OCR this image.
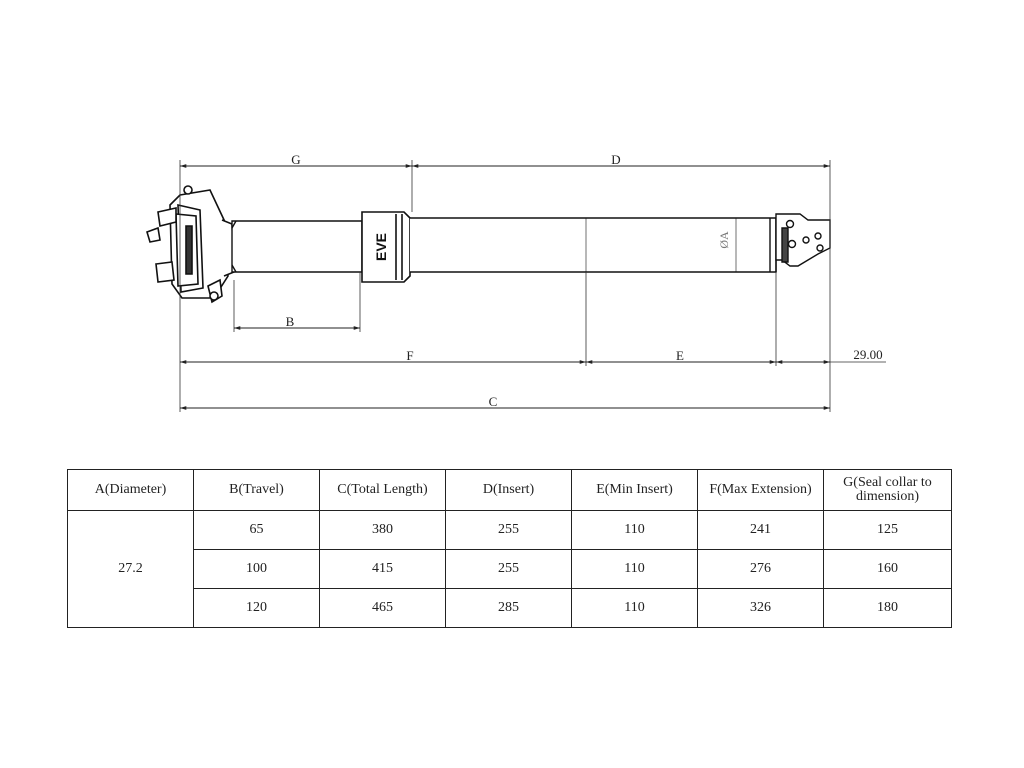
EVE
G	D
B
F	E	29.00
C
ØA
A(Diameter)	B(Travel)	C(Total Length)	D(Insert)	E(Min Insert)	F(Max Extension)	G(Seal collar to dimension)
27.2	65	380	255	110	241	125
	100	415	255	110	276	160
	120	465	285	110	326	180
